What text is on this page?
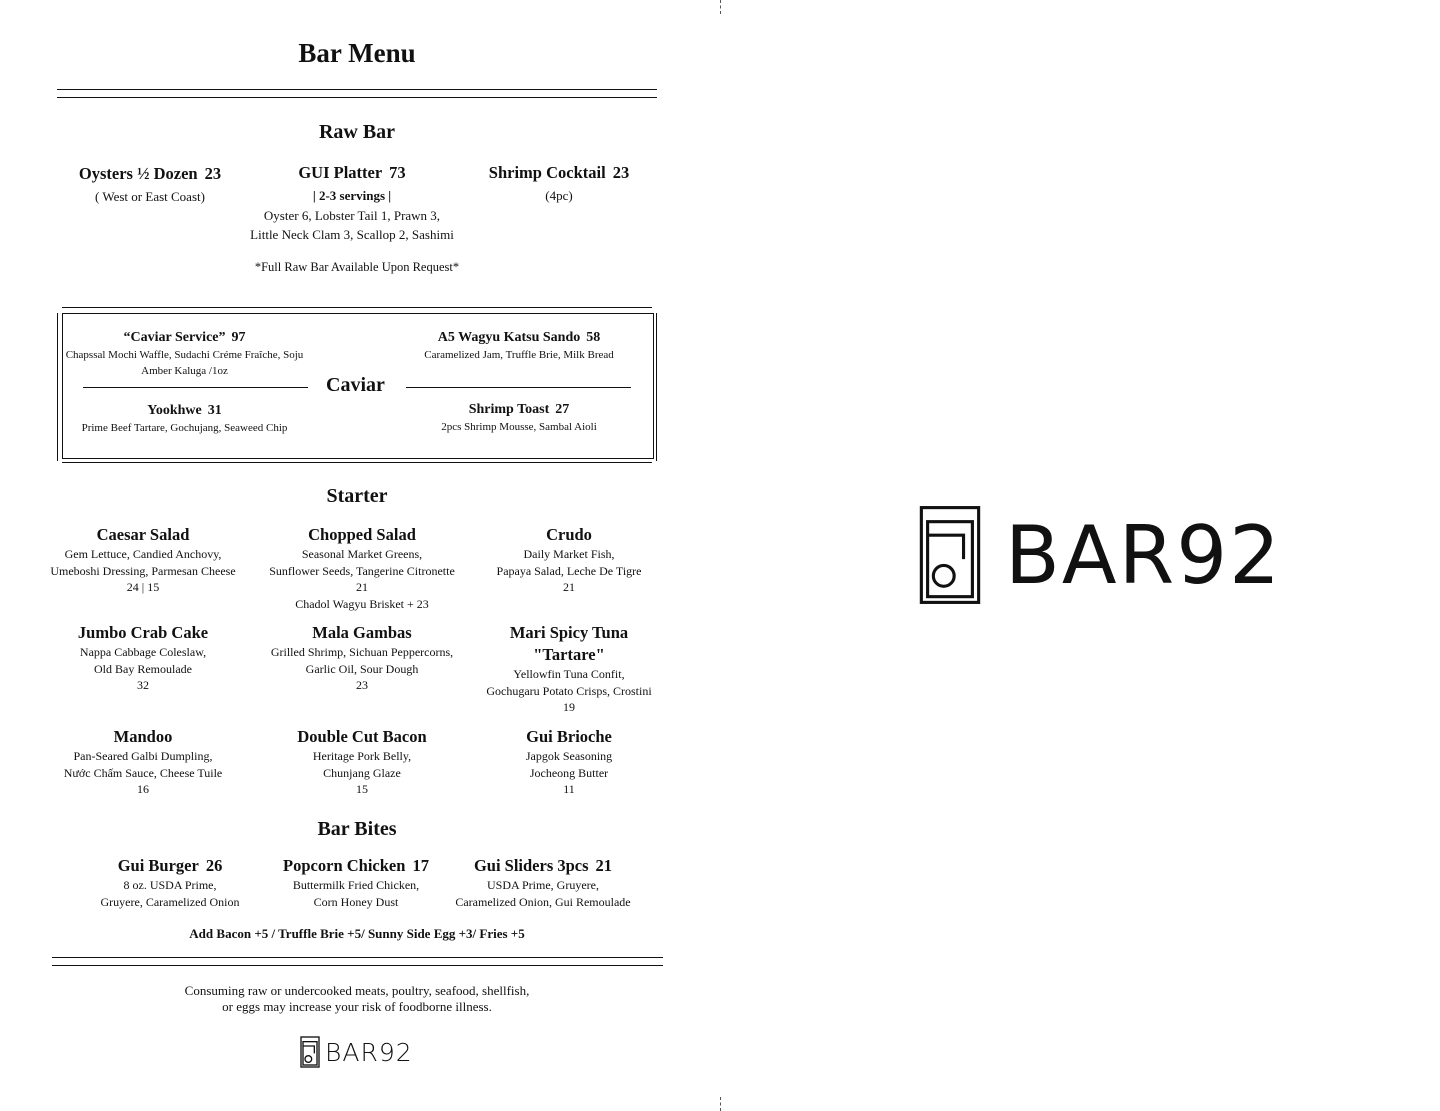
Bar Menu
Raw Bar
Oysters ½ Dozen 23
( West or East Coast)
GUI Platter 73
| 2-3 servings |
Oyster 6, Lobster Tail 1, Prawn 3,
Little Neck Clam 3, Scallop 2, Sashimi
Shrimp Cocktail 23
(4pc)
*Full Raw Bar Available Upon Request*
“Caviar Service” 97
Chapssal Mochi Waffle, Sudachi Créme Fraîche, Soju
Amber Kaluga /1oz
A5 Wagyu Katsu Sando 58
Caramelized Jam, Truffle Brie, Milk Bread
Caviar
Yookhwe 31
Prime Beef Tartare, Gochujang, Seaweed Chip
Shrimp Toast 27
2pcs Shrimp Mousse, Sambal Aioli
Starter
Caesar Salad
Gem Lettuce, Candied Anchovy,
Umeboshi Dressing, Parmesan Cheese
24 | 15
Chopped Salad
Seasonal Market Greens,
Sunflower Seeds, Tangerine Citronette
21
Chadol Wagyu Brisket + 23
Crudo
Daily Market Fish,
Papaya Salad, Leche De Tigre
21
Jumbo Crab Cake
Nappa Cabbage Coleslaw,
Old Bay Remoulade
32
Mala Gambas
Grilled Shrimp, Sichuan Peppercorns,
Garlic Oil, Sour Dough
23
Mari Spicy Tuna
"Tartare"
Yellowfin Tuna Confit,
Gochugaru Potato Crisps, Crostini
19
Mandoo
Pan-Seared Galbi Dumpling,
Nước Chấm Sauce, Cheese Tuile
16
Double Cut Bacon
Heritage Pork Belly,
Chunjang Glaze
15
Gui Brioche
Japgok Seasoning
Jocheong Butter
11
Bar Bites
Gui Burger 26
8 oz. USDA Prime,
Gruyere, Caramelized Onion
Popcorn Chicken 17
Buttermilk Fried Chicken,
Corn Honey Dust
Gui Sliders 3pcs 21
USDA Prime, Gruyere,
Caramelized Onion, Gui Remoulade
Add Bacon +5 / Truffle Brie +5/ Sunny Side Egg +3/ Fries +5
Consuming raw or undercooked meats, poultry, seafood, shellfish,
or eggs may increase your risk of foodborne illness.
BAR92
BAR92
